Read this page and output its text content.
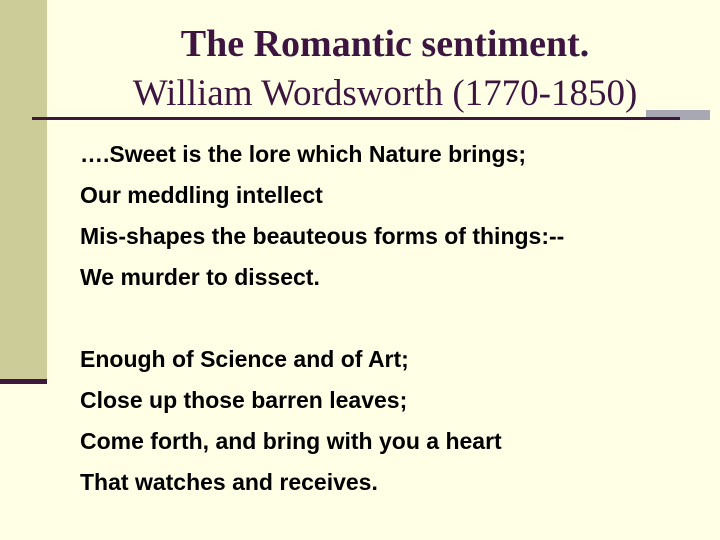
The Romantic sentiment.
William Wordsworth (1770-1850)
….Sweet is the lore which Nature brings;
Our meddling intellect
Mis-shapes the beauteous forms of things:--
We murder to dissect.
Enough of Science and of Art;
Close up those barren leaves;
Come forth, and bring with you a heart
That watches and receives.
